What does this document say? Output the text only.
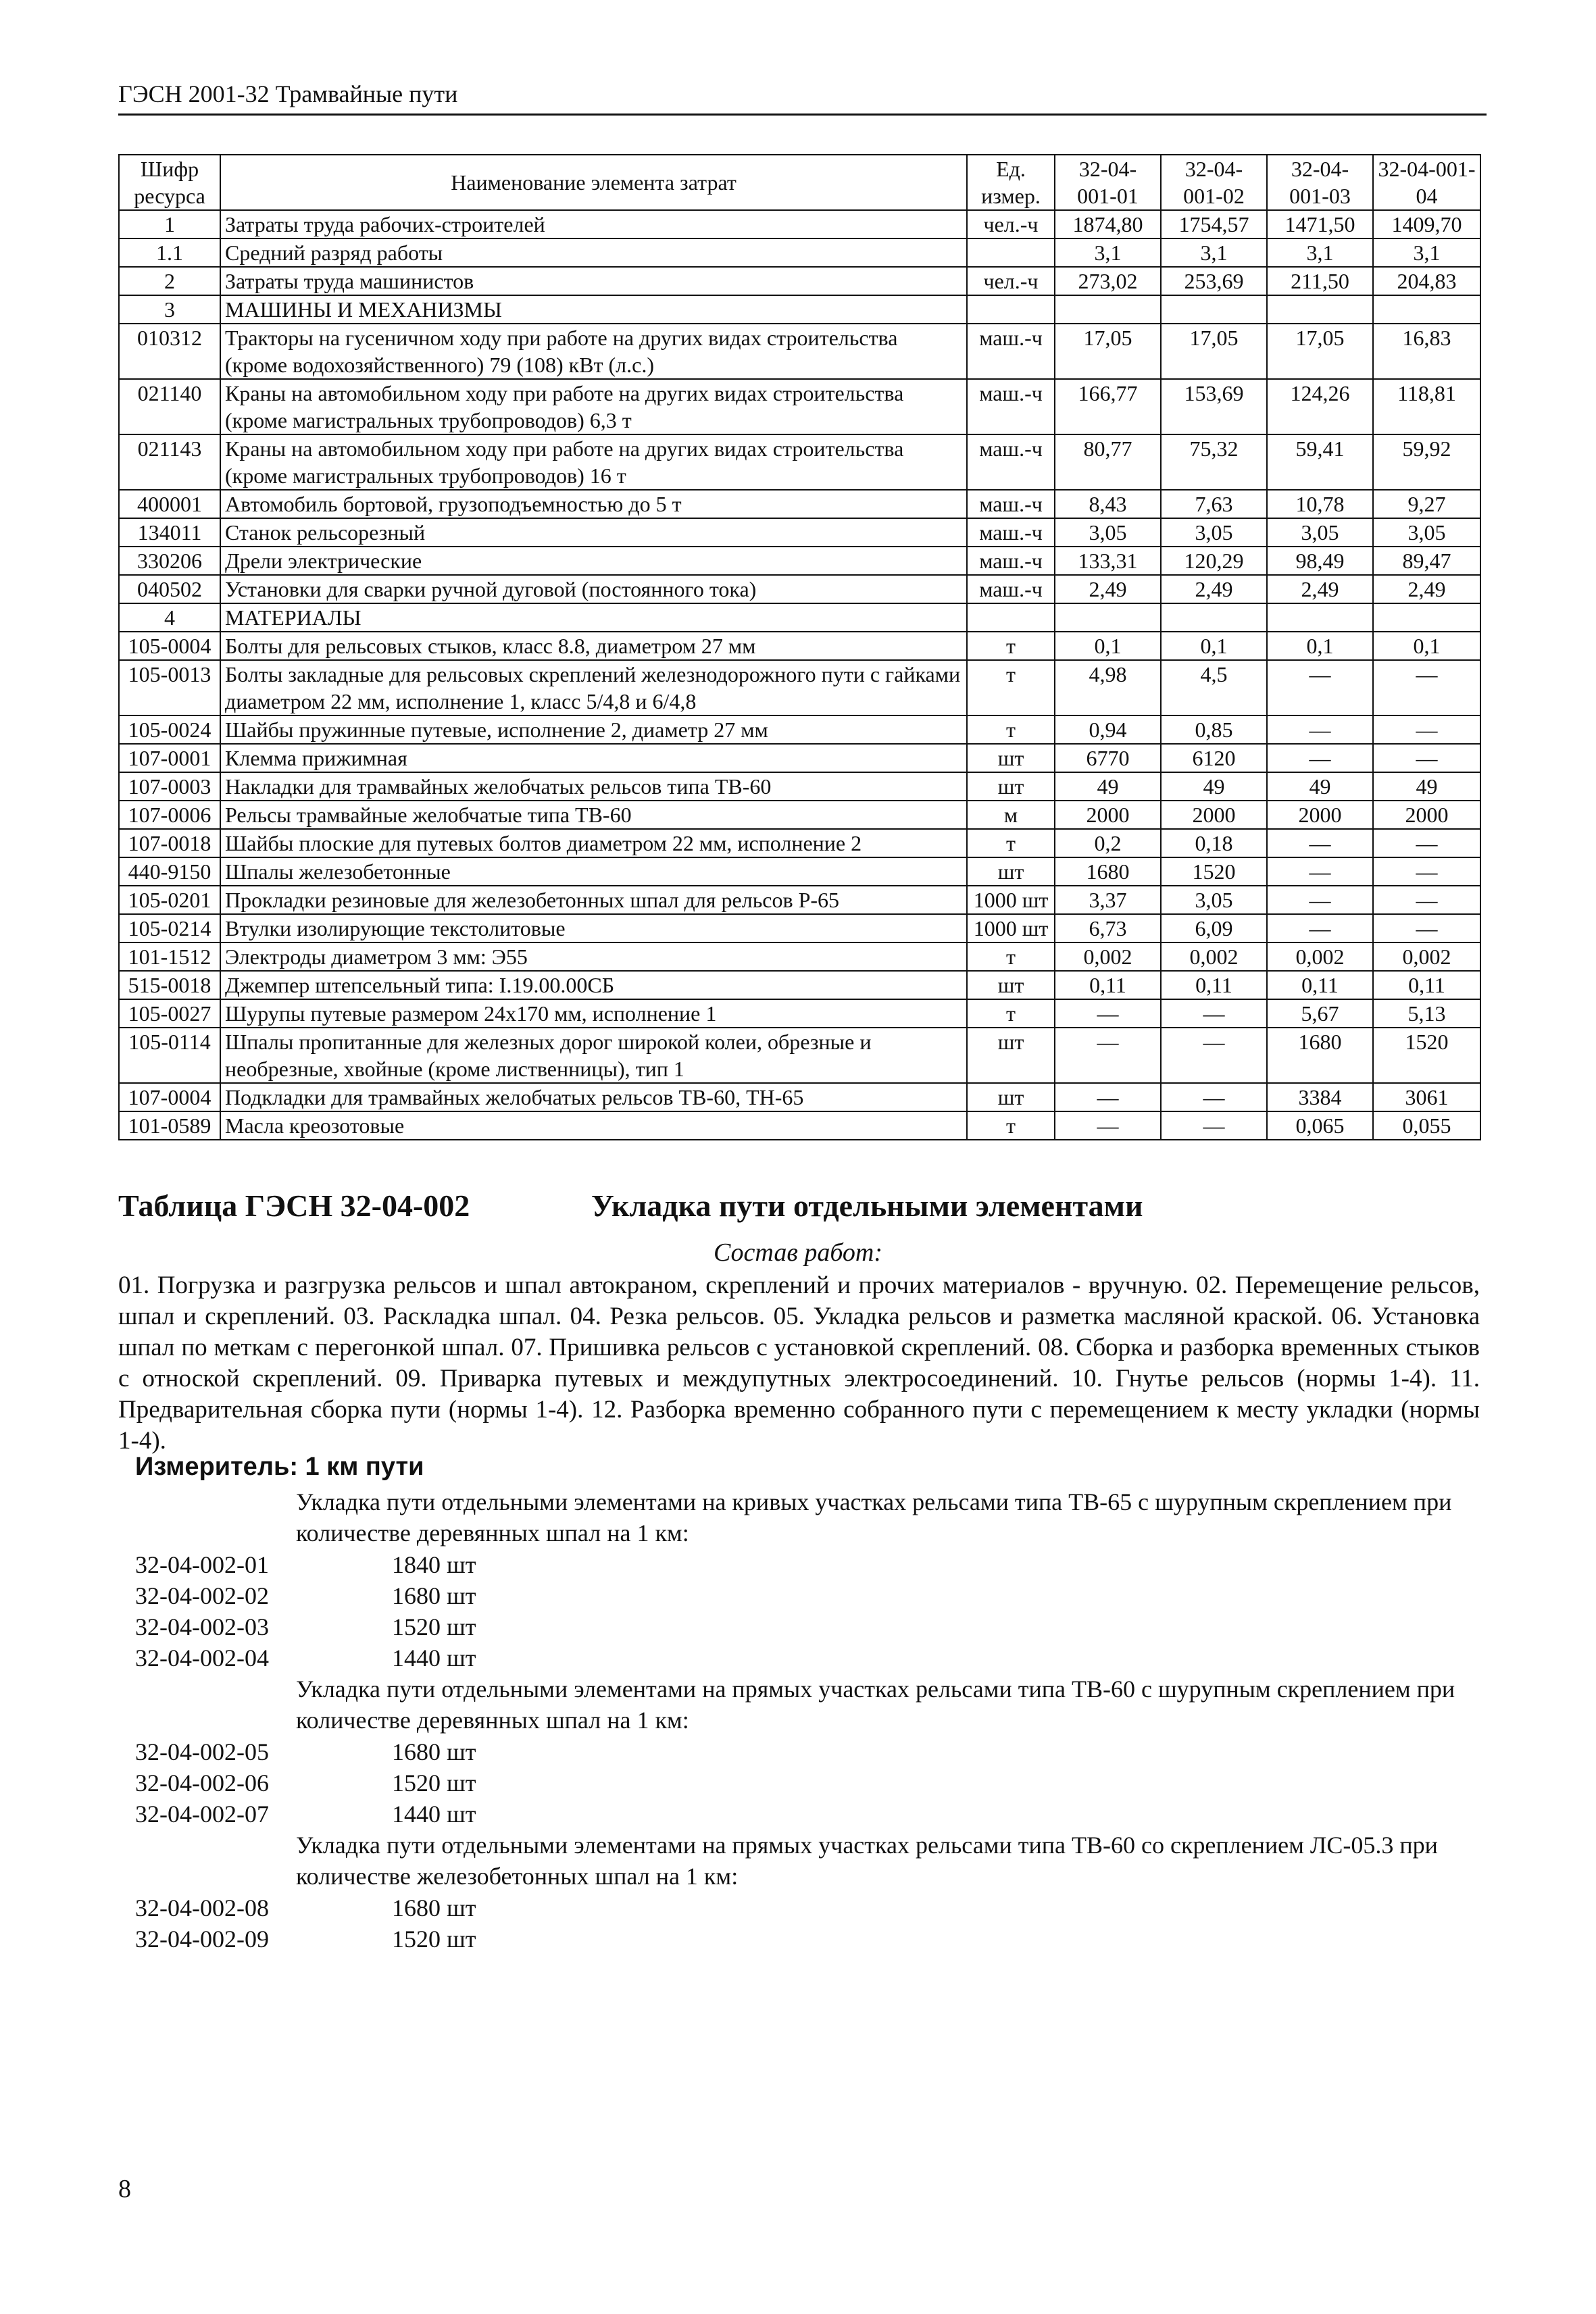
ГЭСН 2001-32 Трамвайные пути
Шифр ресурса	Наименование элемента затрат	Ед. измер.	32-04-001-01	32-04-001-02	32-04-001-03	32-04-001-04
1	Затраты труда рабочих-строителей	чел.-ч	1874,80	1754,57	1471,50	1409,70
1.1	Средний разряд работы		3,1	3,1	3,1	3,1
2	Затраты труда машинистов	чел.-ч	273,02	253,69	211,50	204,83
3	МАШИНЫ И МЕХАНИЗМЫ					
010312	Тракторы на гусеничном ходу при работе на других видах строительства (кроме водохозяйственного) 79 (108) кВт (л.с.)	маш.-ч	17,05	17,05	17,05	16,83
021140	Краны на автомобильном ходу при работе на других видах строительства (кроме магистральных трубопроводов) 6,3 т	маш.-ч	166,77	153,69	124,26	118,81
021143	Краны на автомобильном ходу при работе на других видах строительства (кроме магистральных трубопроводов) 16 т	маш.-ч	80,77	75,32	59,41	59,92
400001	Автомобиль бортовой, грузоподъемностью до 5 т	маш.-ч	8,43	7,63	10,78	9,27
134011	Станок рельсорезный	маш.-ч	3,05	3,05	3,05	3,05
330206	Дрели электрические	маш.-ч	133,31	120,29	98,49	89,47
040502	Установки для сварки ручной дуговой (постоянного тока)	маш.-ч	2,49	2,49	2,49	2,49
4	МАТЕРИАЛЫ					
105-0004	Болты для рельсовых стыков, класс 8.8, диаметром 27 мм	т	0,1	0,1	0,1	0,1
105-0013	Болты закладные для рельсовых скреплений железнодорожного пути с гайками диаметром 22 мм, исполнение 1, класс 5/4,8 и 6/4,8	т	4,98	4,5	—	—
105-0024	Шайбы пружинные путевые, исполнение 2, диаметр 27 мм	т	0,94	0,85	—	—
107-0001	Клемма прижимная	шт	6770	6120	—	—
107-0003	Накладки для трамвайных желобчатых рельсов типа ТВ-60	шт	49	49	49	49
107-0006	Рельсы трамвайные желобчатые типа ТВ-60	м	2000	2000	2000	2000
107-0018	Шайбы плоские для путевых болтов диаметром 22 мм, исполнение 2	т	0,2	0,18	—	—
440-9150	Шпалы железобетонные	шт	1680	1520	—	—
105-0201	Прокладки резиновые для железобетонных шпал для рельсов Р-65	1000 шт	3,37	3,05	—	—
105-0214	Втулки изолирующие текстолитовые	1000 шт	6,73	6,09	—	—
101-1512	Электроды диаметром 3 мм: Э55	т	0,002	0,002	0,002	0,002
515-0018	Джемпер штепсельный типа: I.19.00.00СБ	шт	0,11	0,11	0,11	0,11
105-0027	Шурупы путевые размером 24х170 мм, исполнение 1	т	—	—	5,67	5,13
105-0114	Шпалы пропитанные для железных дорог широкой колеи, обрезные и необрезные, хвойные (кроме лиственницы), тип 1	шт	—	—	1680	1520
107-0004	Подкладки для трамвайных желобчатых рельсов ТВ-60, ТН-65	шт	—	—	3384	3061
101-0589	Масла креозотовые	т	—	—	0,065	0,055
Таблица ГЭСН 32-04-002	Укладка пути отдельными элементами
Состав работ:
01. Погрузка и разгрузка рельсов и шпал автокраном, скреплений и прочих материалов - вручную. 02. Перемещение рельсов, шпал и скреплений. 03. Раскладка шпал. 04. Резка рельсов. 05. Укладка рельсов и разметка масляной краской. 06. Установка шпал по меткам с перегонкой шпал. 07. Пришивка рельсов с установкой скреплений. 08. Сборка и разборка временных стыков с отноской скреплений. 09. Приварка путевых и междупутных электросоединений. 10. Гнутье рельсов (нормы 1-4). 11. Предварительная сборка пути (нормы 1-4). 12. Разборка временно собранного пути с перемещением к месту укладки (нормы 1-4).
Измеритель: 1 км пути
Укладка пути отдельными элементами на кривых участках рельсами типа ТВ-65 с шурупным скреплением при количестве деревянных шпал на 1 км:
32-04-002-01	1840 шт
32-04-002-02	1680 шт
32-04-002-03	1520 шт
32-04-002-04	1440 шт
Укладка пути отдельными элементами на прямых участках рельсами типа ТВ-60 с шурупным скреплением при количестве деревянных шпал на 1 км:
32-04-002-05	1680 шт
32-04-002-06	1520 шт
32-04-002-07	1440 шт
Укладка пути отдельными элементами на прямых участках рельсами типа ТВ-60 со скреплением ЛС-05.3 при количестве железобетонных шпал на 1 км:
32-04-002-08	1680 шт
32-04-002-09	1520 шт
8
